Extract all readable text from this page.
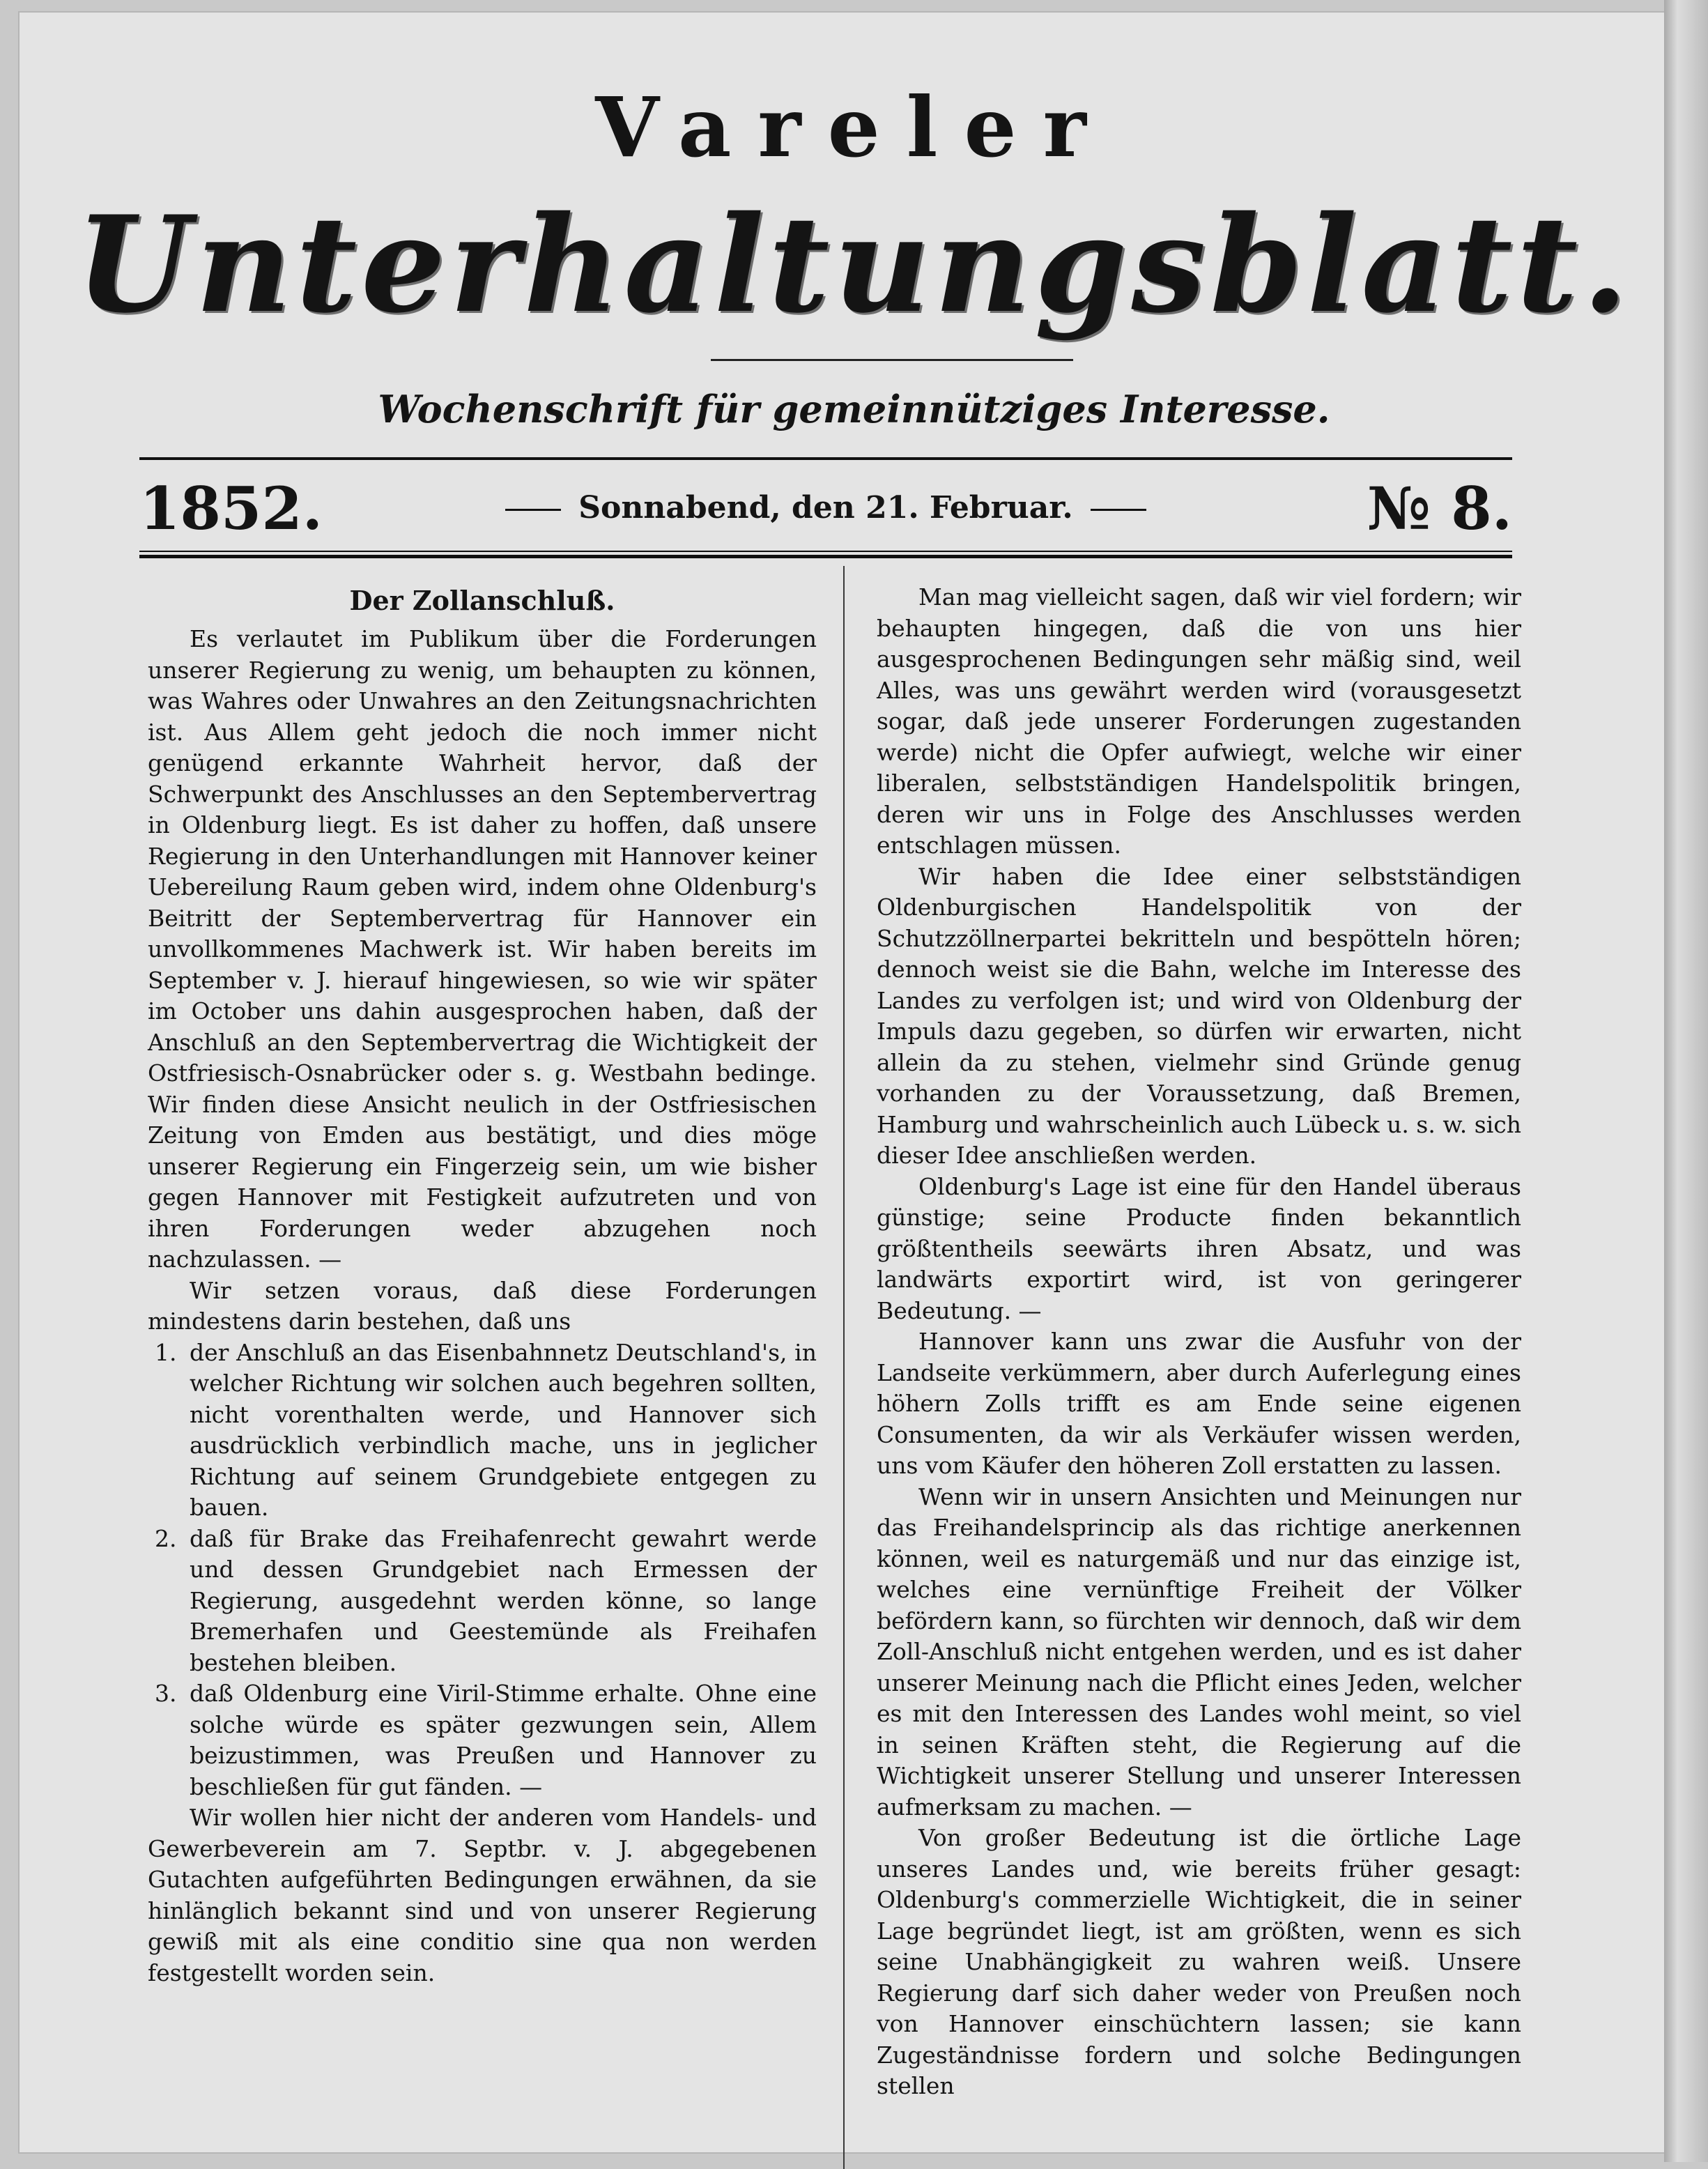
Vareler
Unterhaltungsblatt.
Wochenschrift für gemeinnütziges Interesse.
1852.	Sonnabend, den 21. Februar.	№ 8.
Der Zollanschluß.

Es verlautet im Publikum über die Forderungen unserer Regierung zu wenig, um behaupten zu können, was Wahres oder Unwahres an den Zeitungsnachrichten ist. Aus Allem geht jedoch die noch immer nicht genügend erkannte Wahrheit hervor, daß der Schwerpunkt des Anschlusses an den Septembervertrag in Oldenburg liegt. Es ist daher zu hoffen, daß unsere Regierung in den Unterhandlungen mit Hannover keiner Uebereilung Raum geben wird, indem ohne Oldenburg's Beitritt der Septembervertrag für Hannover ein unvollkommenes Machwerk ist. Wir haben bereits im September v. J. hierauf hingewiesen, so wie wir später im October uns dahin ausgesprochen haben, daß der Anschluß an den Septembervertrag die Wichtigkeit der Ostfriesisch-Osnabrücker oder s. g. Westbahn bedinge. Wir finden diese Ansicht neulich in der Ostfriesischen Zeitung von Emden aus bestätigt, und dies möge unserer Regierung ein Fingerzeig sein, um wie bisher gegen Hannover mit Festigkeit aufzutreten und von ihren Forderungen weder abzugehen noch nachzulassen. —

Wir setzen voraus, daß diese Forderungen mindestens darin bestehen, daß uns

1. der Anschluß an das Eisenbahnnetz Deutschland's, in welcher Richtung wir solchen auch begehren sollten, nicht vorenthalten werde, und Hannover sich ausdrücklich verbindlich mache, uns in jeglicher Richtung auf seinem Grundgebiete entgegen zu bauen.
2. daß für Brake das Freihafenrecht gewahrt werde und dessen Grundgebiet nach Ermessen der Regierung, ausgedehnt werden könne, so lange Bremerhafen und Geestemünde als Freihafen bestehen bleiben.
3. daß Oldenburg eine Viril-Stimme erhalte. Ohne eine solche würde es später gezwungen sein, Allem beizustimmen, was Preußen und Hannover zu beschließen für gut fänden. —

Wir wollen hier nicht der anderen vom Handels- und Gewerbeverein am 7. Septbr. v. J. abgegebenen Gutachten aufgeführten Bedingungen erwähnen, da sie hinlänglich bekannt sind und von unserer Regierung gewiß mit als eine conditio sine qua non werden festgestellt worden sein.

Man mag vielleicht sagen, daß wir viel fordern; wir behaupten hingegen, daß die von uns hier ausgesprochenen Bedingungen sehr mäßig sind, weil Alles, was uns gewährt werden wird (vorausgesetzt sogar, daß jede unserer Forderungen zugestanden werde) nicht die Opfer aufwiegt, welche wir einer liberalen, selbstständigen Handelspolitik bringen, deren wir uns in Folge des Anschlusses werden entschlagen müssen.

Wir haben die Idee einer selbstständigen Oldenburgischen Handelspolitik von der Schutzzöllnerpartei bekritteln und bespötteln hören; dennoch weist sie die Bahn, welche im Interesse des Landes zu verfolgen ist; und wird von Oldenburg der Impuls dazu gegeben, so dürfen wir erwarten, nicht allein da zu stehen, vielmehr sind Gründe genug vorhanden zu der Voraussetzung, daß Bremen, Hamburg und wahrscheinlich auch Lübeck u. s. w. sich dieser Idee anschließen werden.

Oldenburg's Lage ist eine für den Handel überaus günstige; seine Producte finden bekanntlich größtentheils seewärts ihren Absatz, und was landwärts exportirt wird, ist von geringerer Bedeutung. —

Hannover kann uns zwar die Ausfuhr von der Landseite verkümmern, aber durch Auferlegung eines höhern Zolls trifft es am Ende seine eigenen Consumenten, da wir als Verkäufer wissen werden, uns vom Käufer den höheren Zoll erstatten zu lassen.

Wenn wir in unsern Ansichten und Meinungen nur das Freihandelsprincip als das richtige anerkennen können, weil es naturgemäß und nur das einzige ist, welches eine vernünftige Freiheit der Völker befördern kann, so fürchten wir dennoch, daß wir dem Zoll-Anschluß nicht entgehen werden, und es ist daher unserer Meinung nach die Pflicht eines Jeden, welcher es mit den Interessen des Landes wohl meint, so viel in seinen Kräften steht, die Regierung auf die Wichtigkeit unserer Stellung und unserer Interessen aufmerksam zu machen. —

Von großer Bedeutung ist die örtliche Lage unseres Landes und, wie bereits früher gesagt: Oldenburg's commerzielle Wichtigkeit, die in seiner Lage begründet liegt, ist am größten, wenn es sich seine Unabhängigkeit zu wahren weiß. Unsere Regierung darf sich daher weder von Preußen noch von Hannover einschüchtern lassen; sie kann Zugeständnisse fordern und solche Bedingungen stellen
